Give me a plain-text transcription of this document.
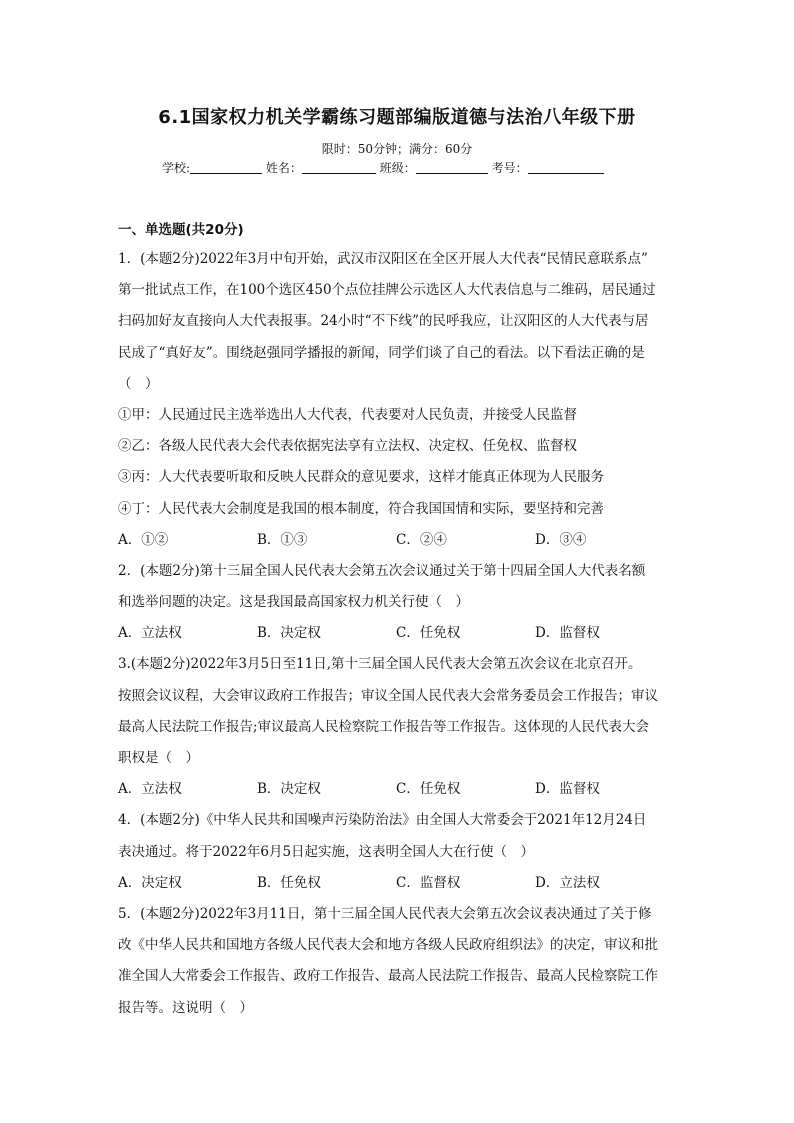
6.1国家权力机关学霸练习题部编版道德与法治八年级下册
限时：50分钟；满分：60分
学校:	姓名：	班级：	考号：
一、单选题(共20分)
1．(本题2分)2022年3月中旬开始，武汉市汉阳区在全区开展人大代表“民情民意联系点”
第一批试点工作，在100个选区450个点位挂牌公示选区人大代表信息与二维码，居民通过
扫码加好友直接向人大代表报事。24小时“不下线”的民呼我应，让汉阳区的人大代表与居
民成了“真好友”。围绕赵强同学播报的新闻，同学们谈了自己的看法。以下看法正确的是
（　）
①甲：人民通过民主选举选出人大代表，代表要对人民负责，并接受人民监督
②乙：各级人民代表大会代表依据宪法享有立法权、决定权、任免权、监督权
③丙：人大代表要听取和反映人民群众的意见要求，这样才能真正体现为人民服务
④丁：人民代表大会制度是我国的根本制度，符合我国国情和实际，要坚持和完善
A．①②	B．①③	C．②④	D．③④
2．(本题2分)第十三届全国人民代表大会第五次会议通过关于第十四届全国人大代表名额
和选举问题的决定。这是我国最高国家权力机关行使（　）
A．立法权	B．决定权	C．任免权	D．监督权
3.(本题2分)2022年3月5日至11日,第十三届全国人民代表大会第五次会议在北京召开。
按照会议议程，大会审议政府工作报告；审议全国人民代表大会常务委员会工作报告；审议
最高人民法院工作报告;审议最高人民检察院工作报告等工作报告。这体现的人民代表大会
职权是（　）
A．立法权	B．决定权	C．任免权	D．监督权
4．(本题2分)《中华人民共和国噪声污染防治法》由全国人大常委会于2021年12月24日
表决通过。将于2022年6月5日起实施，这表明全国人大在行使（　）
A．决定权	B．任免权	C．监督权	D．立法权
5．(本题2分)2022年3月11日，第十三届全国人民代表大会第五次会议表决通过了关于修
改《中华人民共和国地方各级人民代表大会和地方各级人民政府组织法》的决定，审议和批
准全国人大常委会工作报告、政府工作报告、最高人民法院工作报告、最高人民检察院工作
报告等。这说明（　）
